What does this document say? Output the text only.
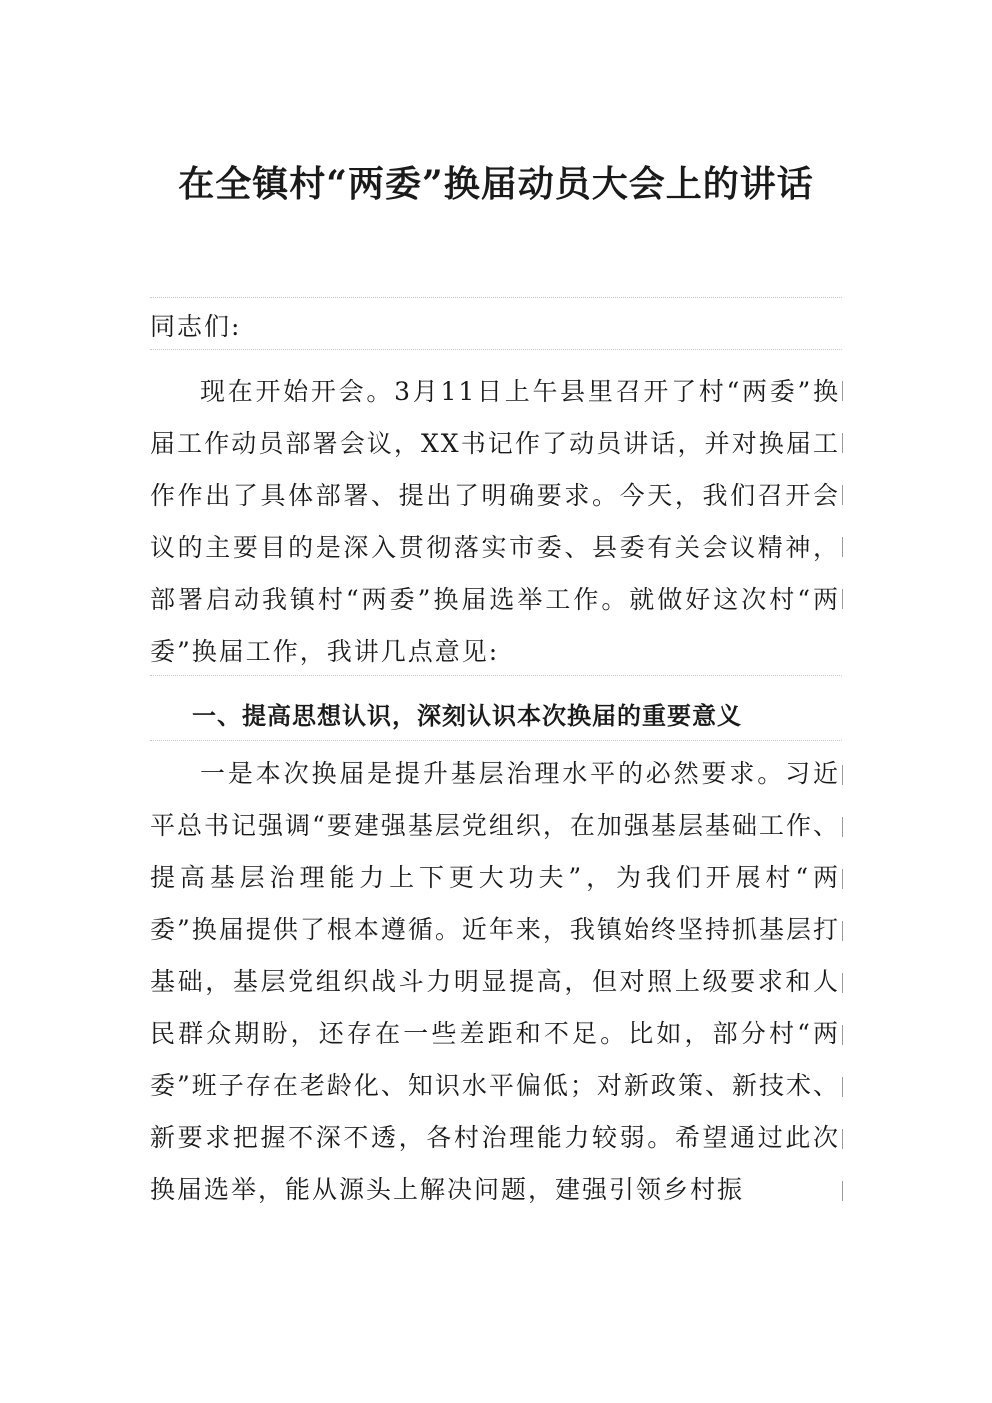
在全镇村“两委”换届动员大会上的讲话

同志们:

现在开始开会。3月11日上午县里召开了村“两委”换届工作动员部署会议，XX书记作了动员讲话，并对换届工作作出了具体部署、提出了明确要求。今天，我们召开会议的主要目的是深入贯彻落实市委、县委有关会议精神，部署启动我镇村“两委”换届选举工作。就做好这次村“两委”换届工作，我讲几点意见:

一、提高思想认识，深刻认识本次换届的重要意义

一是本次换届是提升基层治理水平的必然要求。习近平总书记强调“要建强基层党组织，在加强基层基础工作、提高基层治理能力上下更大功夫”，为我们开展村“两委”换届提供了根本遵循。近年来，我镇始终坚持抓基层打基础，基层党组织战斗力明显提高，但对照上级要求和人民群众期盼，还存在一些差距和不足。比如，部分村“两委”班子存在老龄化、知识水平偏低；对新政策、新技术、新要求把握不深不透，各村治理能力较弱。希望通过此次换届选举，能从源头上解决问题，建强引领乡村振
